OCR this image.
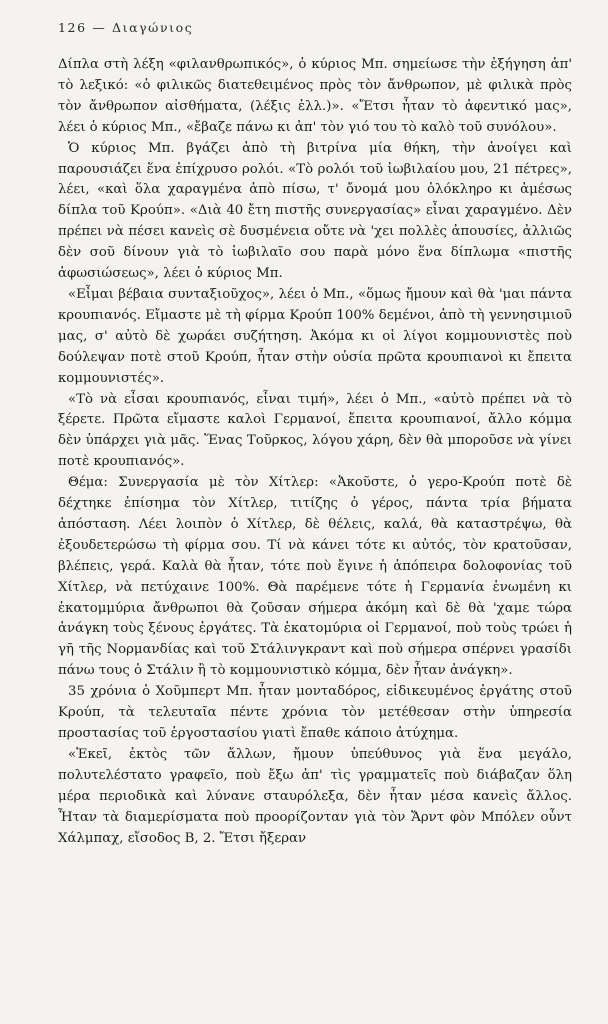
126 — Διαγώνιος

Δίπλα στὴ λέξη «φιλανθρωπικός», ὁ κύριος Μπ. σημείωσε τὴν ἐξήγηση ἀπ' τὸ λεξικό: «ὁ φιλικῶς διατεθειμένος πρὸς τὸν ἄνθρωπον, μὲ φιλικὰ πρὸς τὸν ἄνθρωπον αἰσθήματα, (λέξις ἑλλ.)». «Ἔτσι ἦταν τὸ ἀφεντικό μας», λέει ὁ κύριος Μπ., «ἔβαζε πάνω κι ἀπ' τὸν γιό του τὸ καλὸ τοῦ συνόλου».

Ὁ κύριος Μπ. βγάζει ἀπὸ τὴ βιτρίνα μία θήκη, τὴν ἀνοίγει καὶ παρουσιάζει ἕνα ἐπίχρυσο ρολόι. «Τὸ ρολόι τοῦ ἰωβιλαίου μου, 21 πέτρες», λέει, «καὶ ὅλα χαραγμένα ἀπὸ πίσω, τ' ὄνομά μου ὁλόκληρο κι ἀμέσως δίπλα τοῦ Κρούπ». «Διὰ 40 ἔτη πιστῆς συνεργασίας» εἶναι χαραγμένο. Δὲν πρέπει νὰ πέσει κανεὶς σὲ δυσμένεια οὔτε νὰ 'χει πολλὲς ἀπουσίες, ἀλλιῶς δὲν σοῦ δίνουν γιὰ τὸ ἰωβιλαῖο σου παρὰ μόνο ἕνα δίπλωμα «πιστῆς ἀφωσιώσεως», λέει ὁ κύριος Μπ.

«Εἶμαι βέβαια συνταξιοῦχος», λέει ὁ Μπ., «ὅμως ἤμουν καὶ θὰ 'μαι πάντα κρουπιανός. Εἴμαστε μὲ τὴ φίρμα Κρούπ 100% δεμένοι, ἀπὸ τὴ γεννησιμιοῦ μας, σ' αὐτὸ δὲ χωράει συζήτηση. Ἀκόμα κι οἱ λίγοι κομμουνιστὲς ποὺ δούλεψαν ποτὲ στοῦ Κρούπ, ἦταν στὴν οὐσία πρῶτα κρουπιανοὶ κι ἔπειτα κομμουνιστές».

«Τὸ νὰ εἶσαι κρουπιανός, εἶναι τιμή», λέει ὁ Μπ., «αὐτὸ πρέπει νὰ τὸ ξέρετε. Πρῶτα εἴμαστε καλοὶ Γερμανοί, ἔπειτα κρουπιανοί, ἄλλο κόμμα δὲν ὑπάρχει γιὰ μᾶς. Ἕνας Τοῦρκος, λόγου χάρη, δὲν θὰ μποροῦσε νὰ γίνει ποτὲ κρουπιανός».

Θέμα: Συνεργασία μὲ τὸν Χίτλερ: «Ἀκοῦστε, ὁ γερο-Κρούπ ποτὲ δὲ δέχτηκε ἐπίσημα τὸν Χίτλερ, τιτίζης ὁ γέρος, πάντα τρία βήματα ἀπόσταση. Λέει λοιπὸν ὁ Χίτλερ, δὲ θέλεις, καλά, θὰ καταστρέψω, θὰ ἐξουδετερώσω τὴ φίρμα σου. Τί νὰ κάνει τότε κι αὐτός, τὸν κρατοῦσαν, βλέπεις, γερά. Καλὰ θὰ ἦταν, τότε ποὺ ἔγινε ἡ ἀπόπειρα δολοφονίας τοῦ Χίτλερ, νὰ πετύχαινε 100%. Θὰ παρέμενε τότε ἡ Γερμανία ἑνωμένη κι ἑκατομμύρια ἄνθρωποι θὰ ζοῦσαν σήμερα ἀκόμη καὶ δὲ θὰ 'χαμε τώρα ἀνάγκη τοὺς ξένους ἐργάτες. Τὰ ἑκατομύρια οἱ Γερμανοί, ποὺ τοὺς τρώει ἡ γῆ τῆς Νορμανδίας καὶ τοῦ Στάλινγκραντ καὶ ποὺ σήμερα σπέρνει γρασίδι πάνω τους ὁ Στάλιν ἢ τὸ κομμουνιστικὸ κόμμα, δὲν ἦταν ἀνάγκη».

35 χρόνια ὁ Χοῦμπερτ Μπ. ἦταν μονταδόρος, εἰδικευμένος ἐργάτης στοῦ Κρούπ, τὰ τελευταῖα πέντε χρόνια τὸν μετέθεσαν στὴν ὑπηρεσία προστασίας τοῦ ἐργοστασίου γιατὶ ἔπαθε κάποιο ἀτύχημα.

«Ἐκεῖ, ἐκτὸς τῶν ἄλλων, ἤμουν ὑπεύθυνος γιὰ ἕνα μεγάλο, πολυτελέστατο γραφεῖο, ποὺ ἔξω ἀπ' τὶς γραμματεῖς ποὺ διάβαζαν ὅλη μέρα περιοδικὰ καὶ λύνανε σταυρόλεξα, δὲν ἦταν μέσα κανεὶς ἄλλος. Ἦταν τὰ διαμερίσματα ποὺ προορίζονταν γιὰ τὸν Ἄρντ φὸν Μπόλεν οὖντ Χάλμπαχ, εἴσοδος Β, 2. Ἔτσι ἤξεραν
